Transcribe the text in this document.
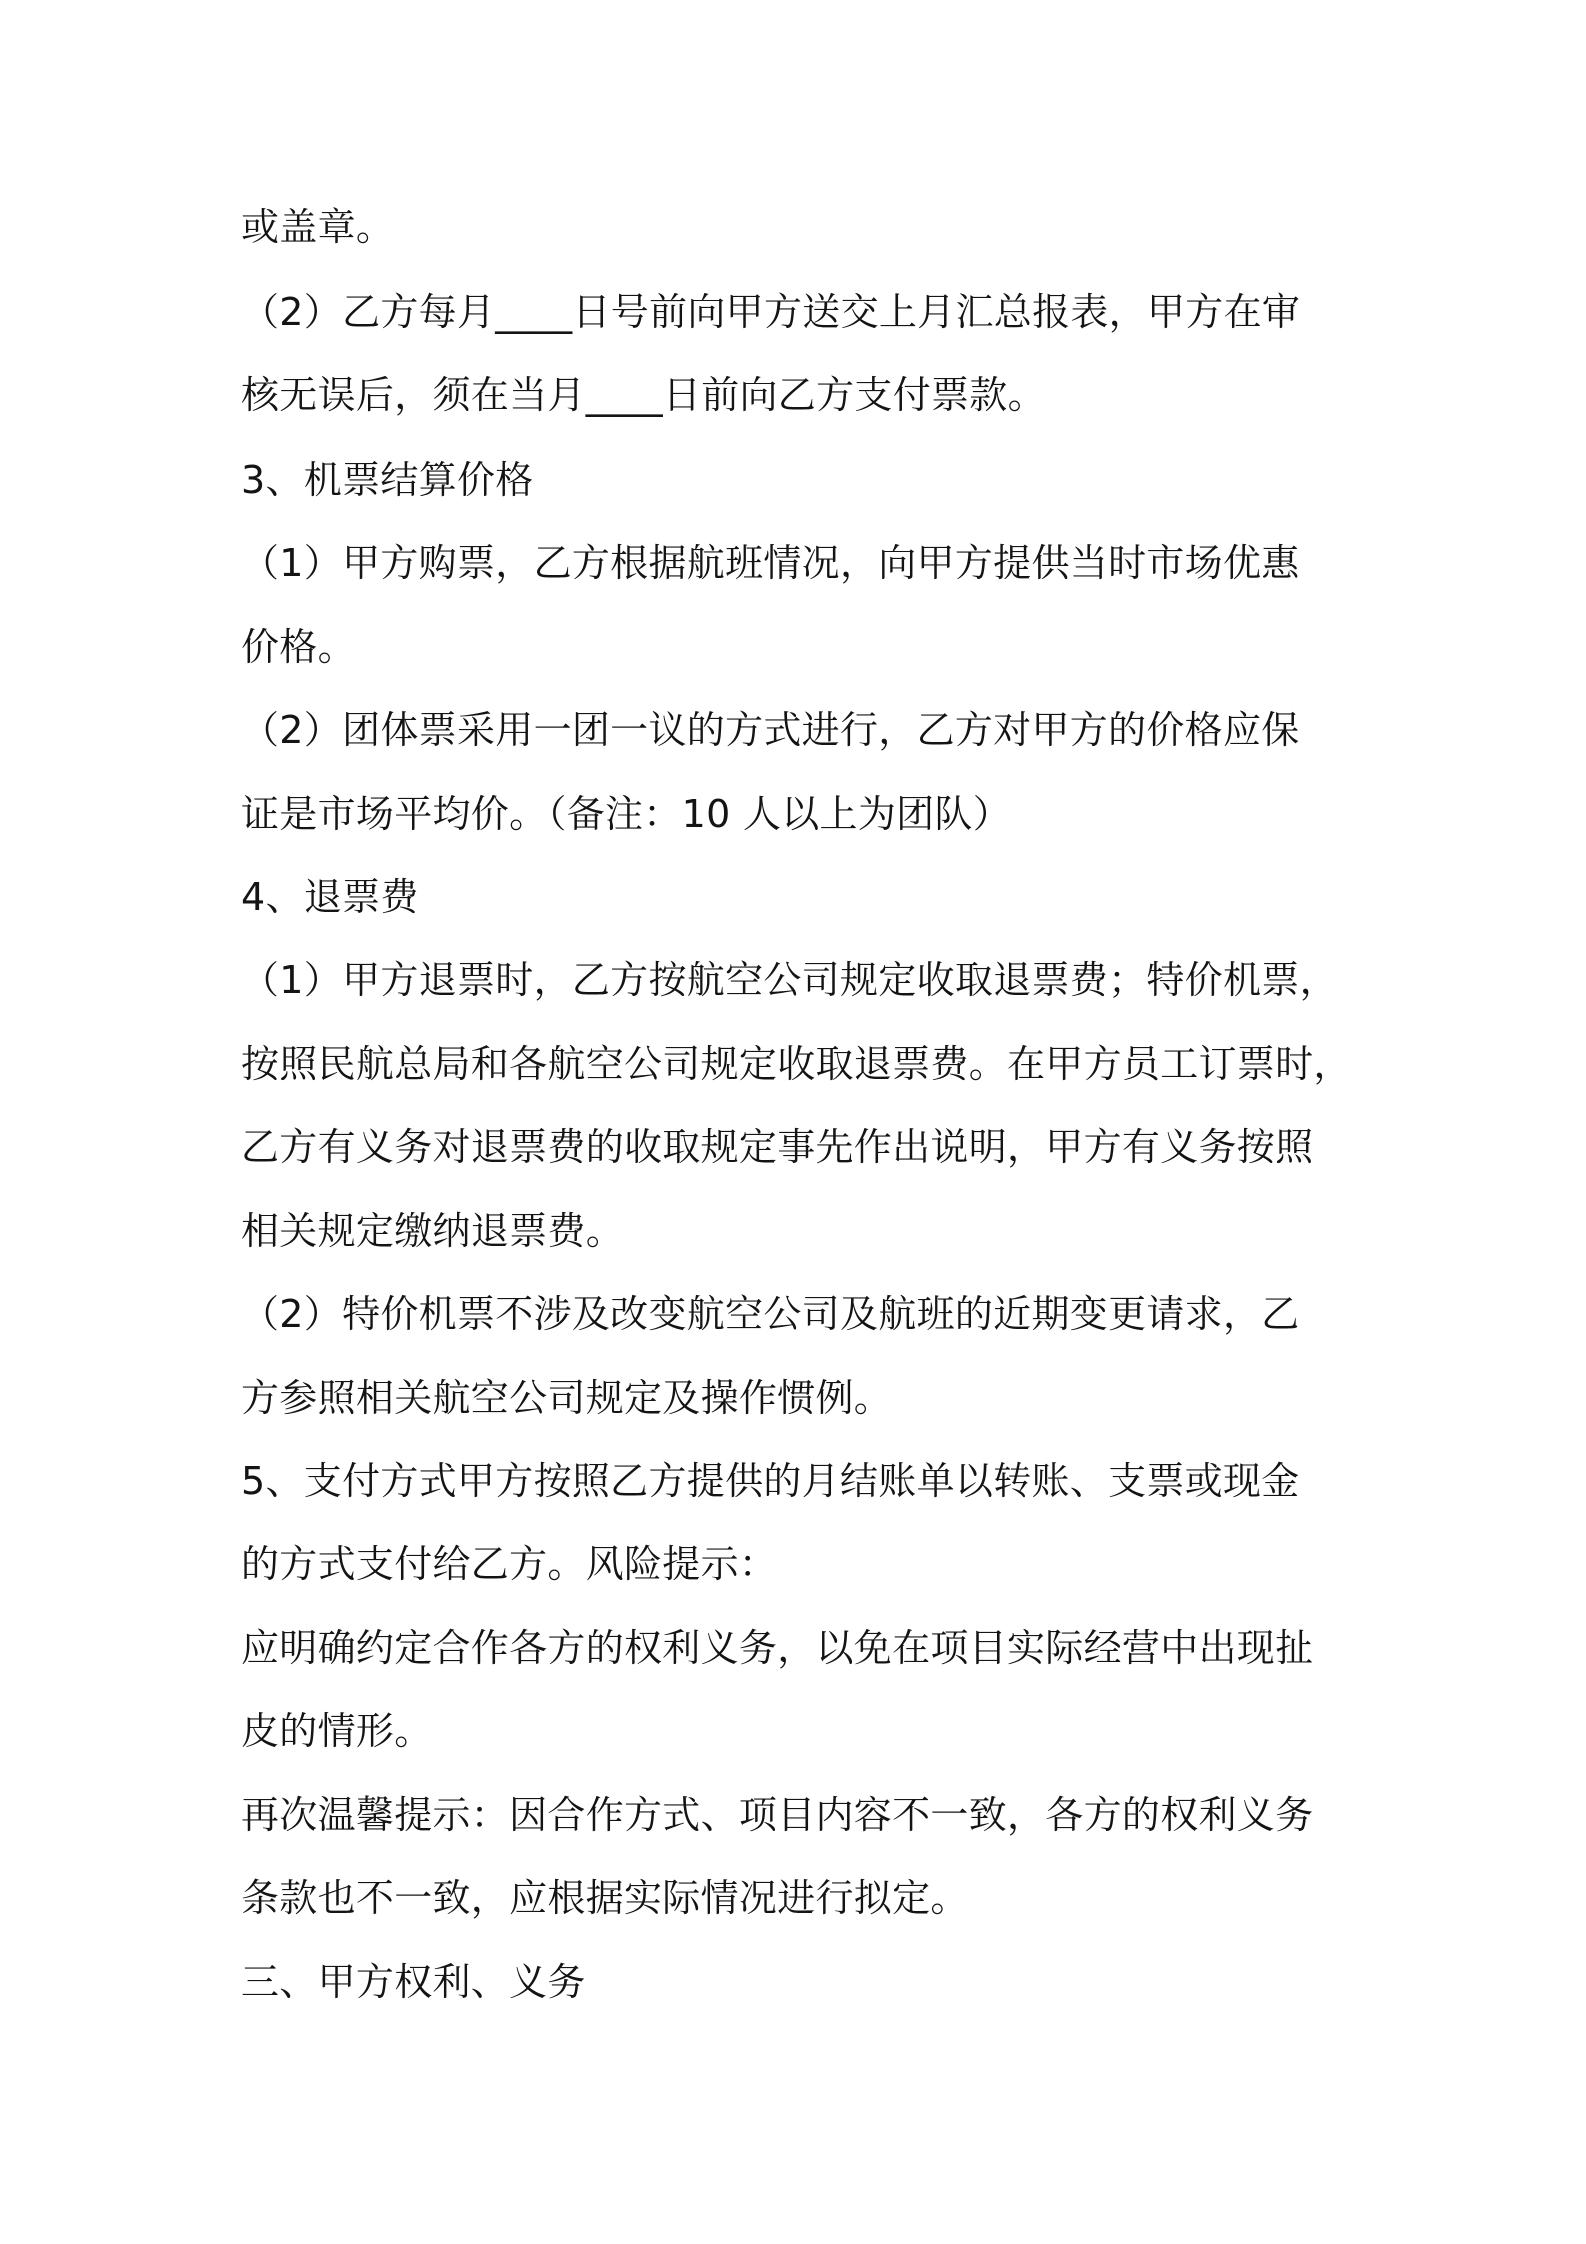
或盖章。
（2）乙方每月____日号前向甲方送交上月汇总报表，甲方在审
核无误后，须在当月____日前向乙方支付票款。
3、机票结算价格
（1）甲方购票，乙方根据航班情况，向甲方提供当时市场优惠
价格。
（2）团体票采用一团一议的方式进行，乙方对甲方的价格应保
证是市场平均价。（备注：10 人以上为团队）
4、退票费
（1）甲方退票时，乙方按航空公司规定收取退票费；特价机票，
按照民航总局和各航空公司规定收取退票费。在甲方员工订票时，
乙方有义务对退票费的收取规定事先作出说明，甲方有义务按照
相关规定缴纳退票费。
（2）特价机票不涉及改变航空公司及航班的近期变更请求，乙
方参照相关航空公司规定及操作惯例。
5、支付方式甲方按照乙方提供的月结账单以转账、支票或现金
的方式支付给乙方。风险提示：
应明确约定合作各方的权利义务，以免在项目实际经营中出现扯
皮的情形。
再次温馨提示：因合作方式、项目内容不一致，各方的权利义务
条款也不一致，应根据实际情况进行拟定。
三、甲方权利、义务
